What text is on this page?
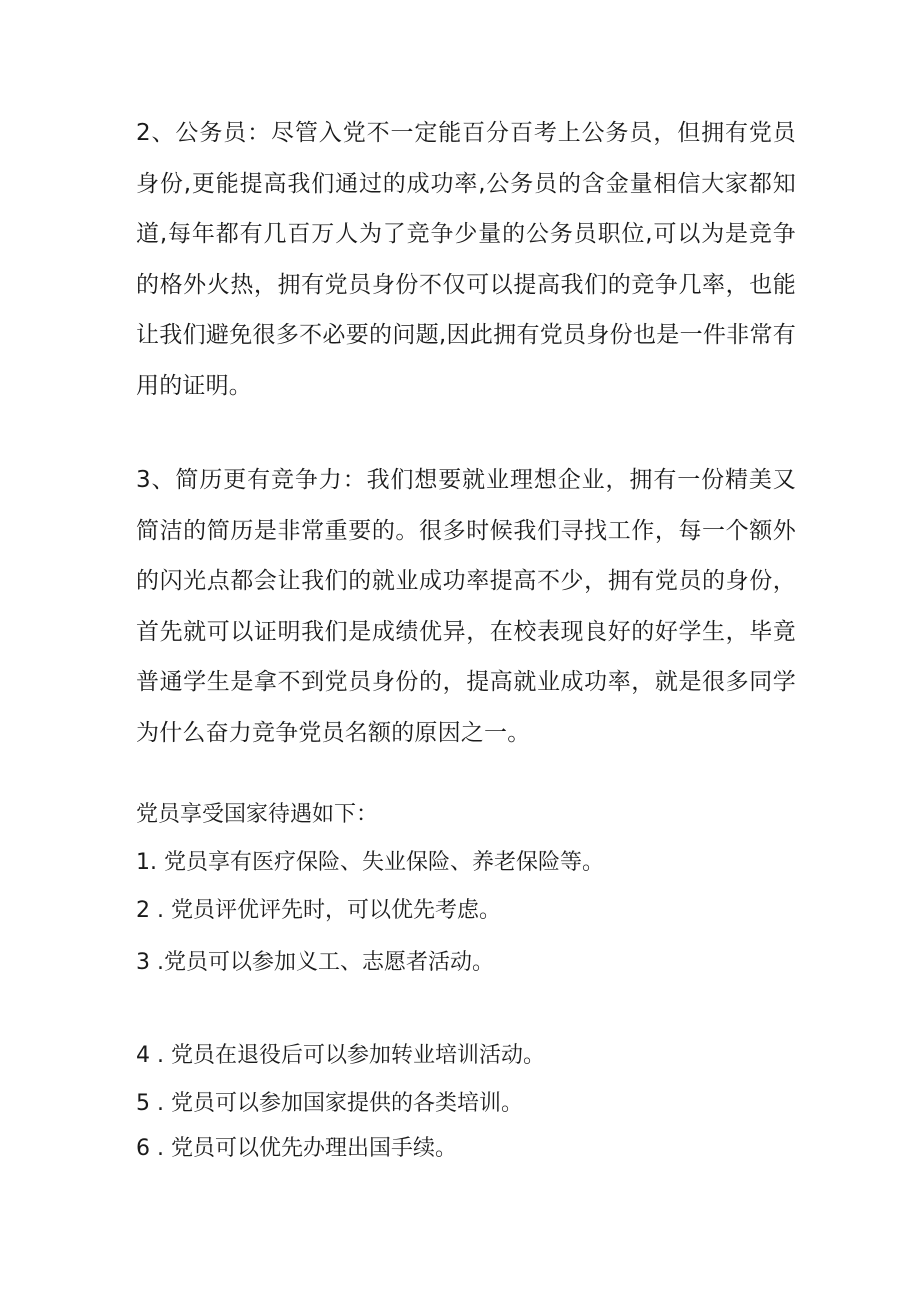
2、公务员：尽管入党不一定能百分百考上公务员，但拥有党员身份,更能提高我们通过的成功率,公务员的含金量相信大家都知道,每年都有几百万人为了竞争少量的公务员职位,可以为是竞争的格外火热，拥有党员身份不仅可以提高我们的竞争几率，也能让我们避免很多不必要的问题,因此拥有党员身份也是一件非常有用的证明。

3、简历更有竞争力：我们想要就业理想企业，拥有一份精美又简洁的简历是非常重要的。很多时候我们寻找工作，每一个额外的闪光点都会让我们的就业成功率提高不少，拥有党员的身份，首先就可以证明我们是成绩优异，在校表现良好的好学生，毕竟普通学生是拿不到党员身份的，提高就业成功率，就是很多同学为什么奋力竞争党员名额的原因之一。

党员享受国家待遇如下：

1. 党员享有医疗保险、失业保险、养老保险等。

2 . 党员评优评先时，可以优先考虑。

3 .党员可以参加义工、志愿者活动。

4 . 党员在退役后可以参加转业培训活动。

5 . 党员可以参加国家提供的各类培训。

6 . 党员可以优先办理出国手续。
